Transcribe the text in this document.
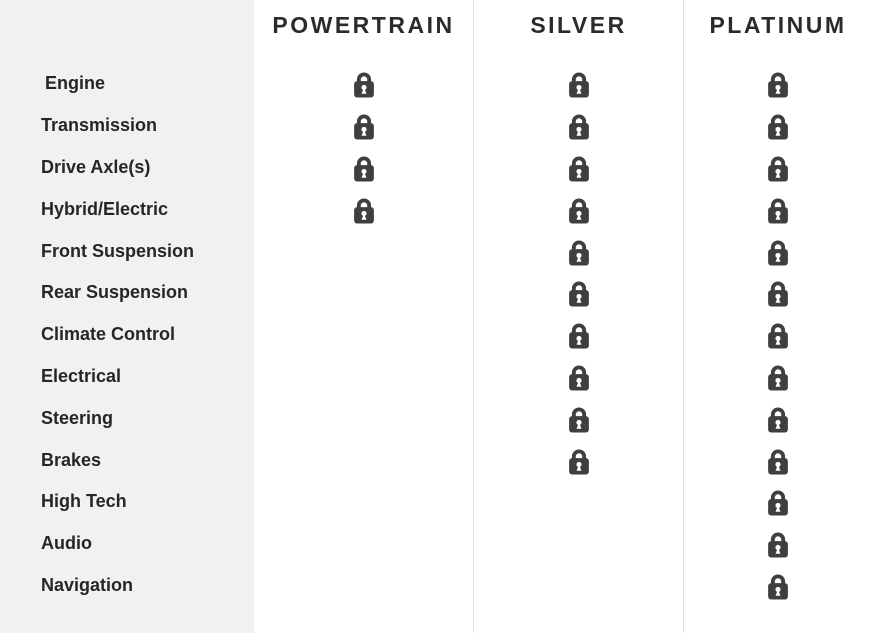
POWERTRAIN	SILVER	PLATINUM
Engine
Transmission
Drive Axle(s)
Hybrid/Electric
Front Suspension
Rear Suspension
Climate Control
Electrical
Steering
Brakes
High Tech
Audio
Navigation
